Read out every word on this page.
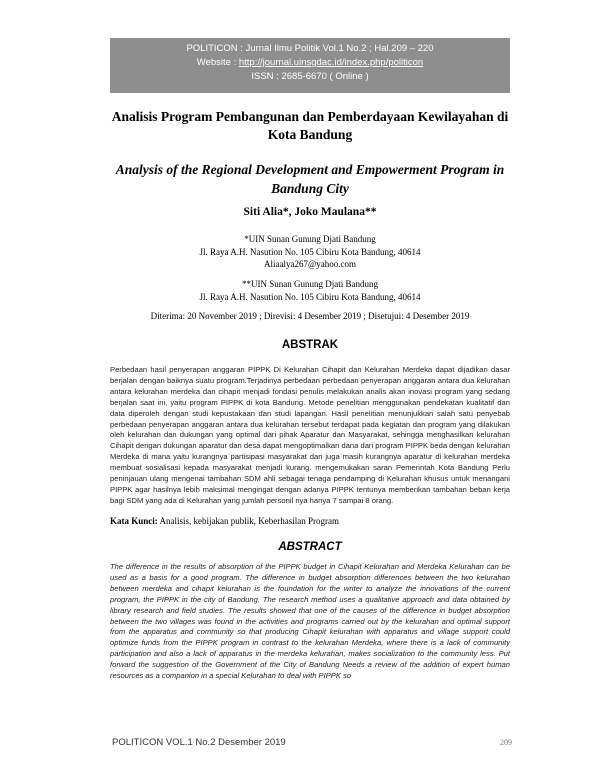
POLITICON : Jurnal Ilmu Politik Vol.1 No.2 ; Hal.209 – 220
Website : http://journal.uinsgdac.id/index.php/politicon
ISSN : 2685-6670 ( Online )
Analisis Program Pembangunan dan Pemberdayaan Kewilayahan di Kota Bandung
Analysis of the Regional Development and Empowerment Program in Bandung City
Siti Alia*, Joko Maulana**
*UIN Sunan Gunung Djati Bandung
Jl. Raya A.H. Nasution No. 105 Cibiru Kota Bandung, 40614
Aliaalya267@yahoo.com
**UIN Sunan Gunung Djati Bandung
Jl. Raya A.H. Nasution No. 105 Cibiru Kota Bandung, 40614
Diterima: 20 November 2019 ; Direvisi: 4 Desember 2019 ; Disetujui: 4 Desember 2019
ABSTRAK

Perbedaan hasil penyerapan anggaran PIPPK Di Kelurahan Cihapit dan Kelurahan Merdeka dapat dijadikan dasar berjalan dengan baiknya suatu program.Terjadinya perbedaan perbedaan penyerapan anggaran antara dua kelurahan antara kelurahan merdeka dan cihapit menjadi fondasi penulis melakukan analis akan inovasi program yang sedang berjalan saat ini, yaitu program PIPPK di kota Bandung. Metode penelitian menggunakan pendekatan kualitatif dan data diperoleh dengan studi kepustakaan dan studi lapangan. Hasil penelitian menunjukkan salah satu penyebab perbedaan penyerapan anggaran antara dua kelurahan tersebut terdapat pada kegiatan dan program yang dilakukan oleh kelurahan dan dukungan yang optimal dari pihak Aparatur dan Masyarakat, sehingga menghasilkan kelurahan Cihapit dengan dukungan aparatur dan desa dapat mengoptimalkan dana dari program PIPPK beda dengan kelurahan Merdeka di mana yaitu kurangnya partisipasi masyarakat dan juga masih kurangnya aparatur di kelurahan merdeka membuat sosialisasi kepada masyarakat menjadi kurang. mengemukakan saran Pemerintah Kota Bandung Perlu peninjauan ulang mengenai tambahan SDM ahli sebagai tenaga pendamping di Kelurahan khusus untuk menangani PIPPK agar hasilnya lebih maksimal mengingat dengan adanya PIPPK tentunya memberikan tambahan beban kerja bagi SDM yang ada di Kelurahan yang jumlah personil nya hanya 7 sampai 8 orang.

Kata Kunci: Analisis, kebijakan publik, Keberhasilan Program
ABSTRACT

The difference in the results of absorption of the PIPPK budget in Cihapit Kelurahan and Merdeka Kelurahan can be used as a basis for a good program. The difference in budget absorption differences between the two kelurahan between merdeka and cihapit kelurahan is the foundation for the writer to analyze the innovations of the current program, the PIPPK in the city of Bandung. The research method uses a qualitative approach and data obtained by library research and field studies. The results showed that one of the causes of the difference in budget absorption between the two villages was found in the activities and programs carried out by the kelurahan and optimal support from the apparatus and community so that producing Cihapit kelurahan with apparatus and village support could optimize funds from the PIPPK program in contrast to the kelurahan Merdeka, where there is a lack of community participation and also a lack of apparatus in the merdeka kelurahan, makes socialization to the community less. Put forward the suggestion of the Government of the City of Bandung Needs a review of the addition of expert human resources as a companion in a special Kelurahan to deal with PIPPK so

POLITICON VOL.1 No.2 Desember 2019	209
